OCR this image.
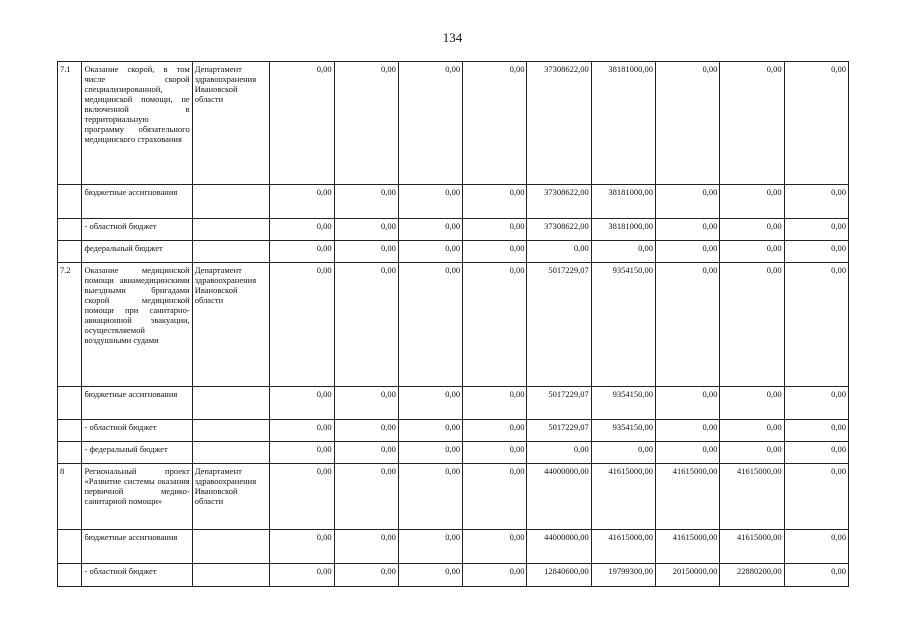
134
7.1	Оказание скорой, в том числе скорой специализированной, медицинской помощи, не включенной в территориальную программу обязательного медицинского страхования	Департамент здравоохранения Ивановской области	0,00	0,00	0,00	0,00	37308622,00	38181000,00	0,00	0,00	0,00
	бюджетные ассигнования		0,00	0,00	0,00	0,00	37308622,00	38181000,00	0,00	0,00	0,00
	- областной бюджет		0,00	0,00	0,00	0,00	37308622,00	38181000,00	0,00	0,00	0,00
	федеральный бюджет		0,00	0,00	0,00	0,00	0,00	0,00	0,00	0,00	0,00
7.2	Оказание медицинской помощи авиамедицинскими выездными бригадами скорой медицинской помощи при санитарно-авиационной эвакуации, осуществляемой воздушными судами	Департамент здравоохранения Ивановской области	0,00	0,00	0,00	0,00	5017229,07	9354150,00	0,00	0,00	0,00
	бюджетные ассигнования		0,00	0,00	0,00	0,00	5017229,07	9354150,00	0,00	0,00	0,00
	- областной бюджет		0,00	0,00	0,00	0,00	5017229,07	9354150,00	0,00	0,00	0,00
	- федеральный бюджет		0,00	0,00	0,00	0,00	0,00	0,00	0,00	0,00	0,00
8	Региональный проект «Развитие системы оказания первичной медико-санитарной помощи»	Департамент здравоохранения Ивановской области	0,00	0,00	0,00	0,00	44000000,00	41615000,00	41615000,00	41615000,00	0,00
	бюджетные ассигнования		0,00	0,00	0,00	0,00	44000000,00	41615000,00	41615000,00	41615000,00	0,00
	- областной бюджет		0,00	0,00	0,00	0,00	12840600,00	19799300,00	20150000,00	22880200,00	0,00
